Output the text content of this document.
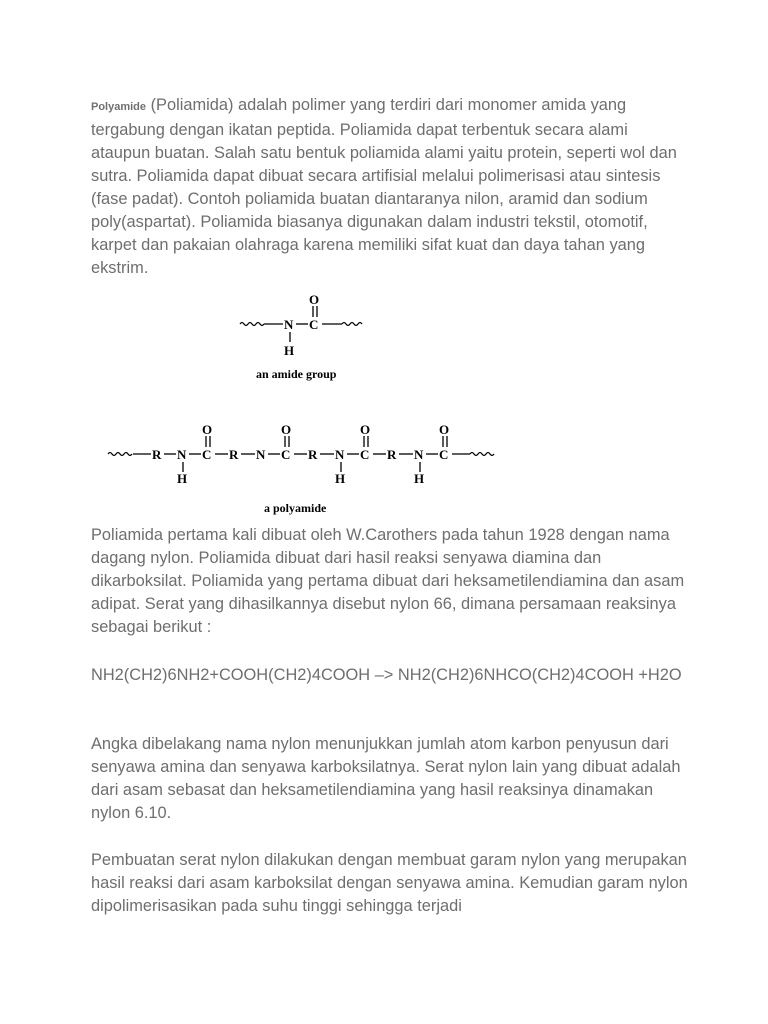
Polyamide (Poliamida) adalah polimer yang terdiri dari monomer amida yang tergabung dengan ikatan peptida. Poliamida dapat terbentuk secara alami ataupun buatan. Salah satu bentuk poliamida alami yaitu protein, seperti wol dan sutra. Poliamida dapat dibuat secara artifisial melalui polimerisasi atau sintesis (fase padat). Contoh poliamida buatan diantaranya nilon, aramid dan sodium poly(aspartat). Poliamida biasanya digunakan dalam industri tekstil, otomotif, karpet dan pakaian olahraga karena memiliki sifat kuat dan daya tahan yang ekstrim.

N C
O
H
an amide group
R N
H
C
O
R N C
O
R N
H
C
O
R N
H
C
O
a polyamide

Poliamida pertama kali dibuat oleh W.Carothers pada tahun 1928 dengan nama dagang nylon. Poliamida dibuat dari hasil reaksi senyawa diamina dan dikarboksilat. Poliamida yang pertama dibuat dari heksametilendiamina dan asam adipat. Serat yang dihasilkannya disebut nylon 66, dimana persamaan reaksinya sebagai berikut :

NH2(CH2)6NH2+COOH(CH2)4COOH –> NH2(CH2)6NHCO(CH2)4COOH +H2O

Angka dibelakang nama nylon menunjukkan jumlah atom karbon penyusun dari senyawa amina dan senyawa karboksilatnya. Serat nylon lain yang dibuat adalah dari asam sebasat dan heksametilendiamina yang hasil reaksinya dinamakan nylon 6.10.

Pembuatan serat nylon dilakukan dengan membuat garam nylon yang merupakan hasil reaksi dari asam karboksilat dengan senyawa amina. Kemudian garam nylon dipolimerisasikan pada suhu tinggi sehingga terjadi
